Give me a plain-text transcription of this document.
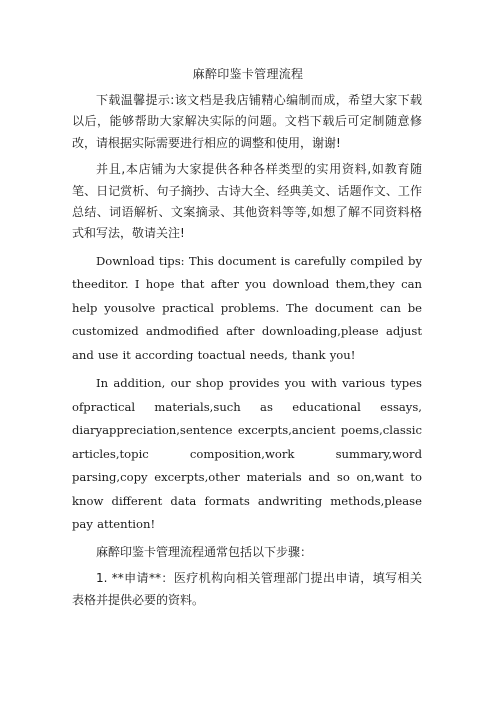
麻醉印鉴卡管理流程

下载温馨提示:该文档是我店铺精心编制而成，希望大家下载以后，能够帮助大家解决实际的问题。文档下载后可定制随意修改，请根据实际需要进行相应的调整和使用，谢谢!

并且,本店铺为大家提供各种各样类型的实用资料,如教育随笔、日记赏析、句子摘抄、古诗大全、经典美文、话题作文、工作总结、词语解析、文案摘录、其他资料等等,如想了解不同资料格式和写法，敬请关注!

Download tips: This document is carefully compiled by theeditor. I hope that after you download them,they can help yousolve practical problems. The document can be customized andmodified after downloading,please adjust and use it according toactual needs, thank you!

In addition, our shop provides you with various types ofpractical materials,such as educational essays, diaryappreciation,sentence excerpts,ancient poems,classic articles,topic composition,work summary,word parsing,copy excerpts,other materials and so on,want to know different data formats andwriting methods,please pay attention!

麻醉印鉴卡管理流程通常包括以下步骤：

1. **申请**：医疗机构向相关管理部门提出申请，填写相关表格并提供必要的资料。
